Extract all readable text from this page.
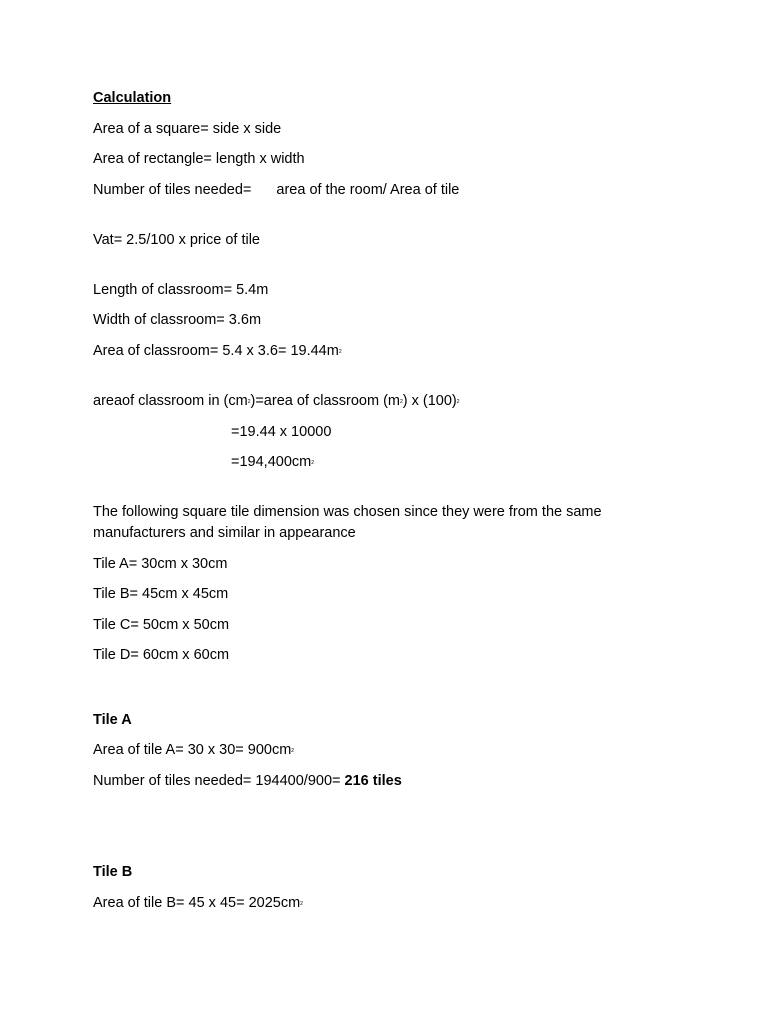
Calculation
Area of a square= side x side
Area of rectangle= length x width
Number of tiles needed= area of the room/ Area of tile
Vat= 2.5/100 x price of tile
Length of classroom= 5.4m
Width of classroom= 3.6m
Area of classroom= 5.4 x $3.6= 19.44m^2$
areaof classroom in $(cm^2)=area$ of classroom $(m^2)$ x $(100)^2$
=19.44 x 10000
$=194,400cm^2$
The following square tile dimension was chosen since they were from the same manufacturers and similar in appearance
Tile A= 30cm x 30cm
Tile B= 45cm x 45cm
Tile C= 50cm x 50cm
Tile D= 60cm x 60cm
Tile A
Area of tile A= 30 x $30= 900cm^2$
Number of tiles needed= 194400/900= 216 tiles
Tile B
Area of tile B= 45 x $45= 2025cm^2$
